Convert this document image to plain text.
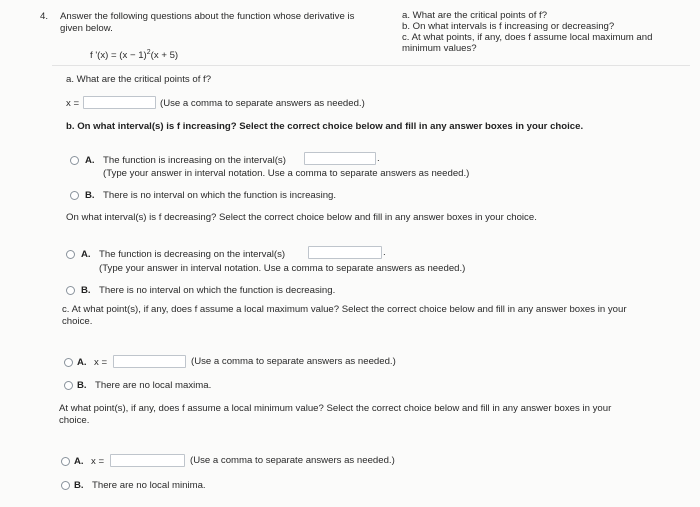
4. Answer the following questions about the function whose derivative is
given below.
f '$(x) = (x - 1)^2(x + 5)$
a. What are the critical points of f?
b. On what intervals is f increasing or decreasing?
c. At what points, if any, does f assume local maximum and
minimum values?
a. What are the critical points of f?
x =	(Use a comma to separate answers as needed.)
b. On what interval(s) is f increasing? Select the correct choice below and fill in any answer boxes in your choice.
A. The function is increasing on the interval(s)	.
(Type your answer in interval notation. Use a comma to separate answers as needed.)
B. There is no interval on which the function is increasing.
On what interval(s) is f decreasing? Select the correct choice below and fill in any answer boxes in your choice.
A. The function is decreasing on the interval(s)	.
(Type your answer in interval notation. Use a comma to separate answers as needed.)
B. There is no interval on which the function is decreasing.
c. At what point(s), if any, does f assume a local maximum value? Select the correct choice below and fill in any answer boxes in your
choice.
A. x =	(Use a comma to separate answers as needed.)
B. There are no local maxima.
At what point(s), if any, does f assume a local minimum value? Select the correct choice below and fill in any answer boxes in your
choice.
A. x =	(Use a comma to separate answers as needed.)
B. There are no local minima.
